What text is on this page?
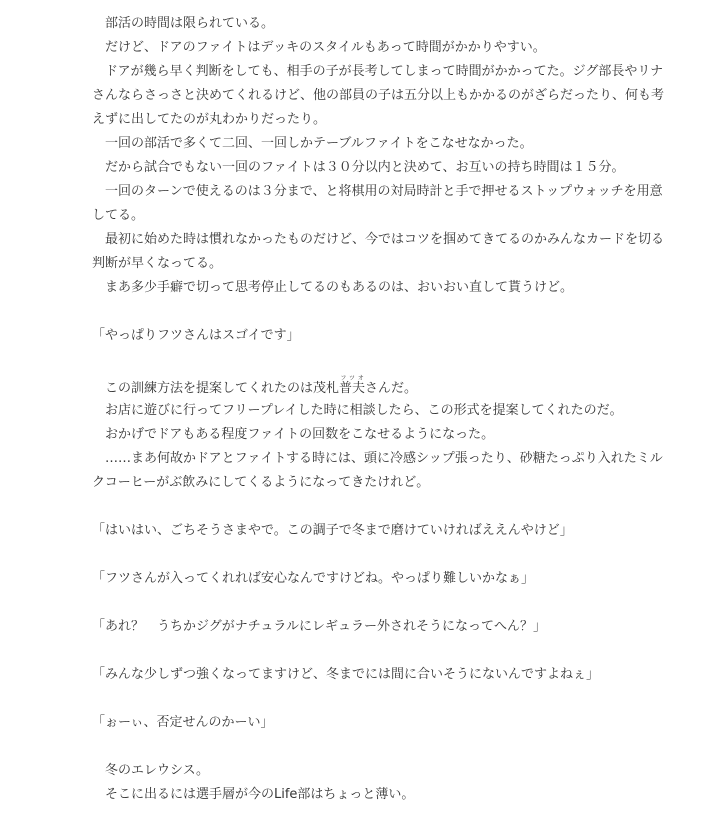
　部活の時間は限られている。
　だけど、ドアのファイトはデッキのスタイルもあって時間がかかりやすい。
　ドアが幾ら早く判断をしても、相手の子が長考してしまって時間がかかってた。ジグ部長やリナ
さんならさっさと決めてくれるけど、他の部員の子は五分以上もかかるのがざらだったり、何も考
えずに出してたのが丸わかりだったり。
　一回の部活で多くて二回、一回しかテーブルファイトをこなせなかった。
　だから試合でもない一回のファイトは３０分以内と決めて、お互いの持ち時間は１５分。
　一回のターンで使えるのは３分まで、と将棋用の対局時計と手で押せるストップウォッチを用意
してる。
　最初に始めた時は慣れなかったものだけど、今ではコツを掴めてきてるのかみんなカードを切る
判断が早くなってる。
　まあ多少手癖で切って思考停止してるのもあるのは、おいおい直して貰うけど。
「やっぱりフツさんはスゴイです」
　この訓練方法を提案してくれたのは茂札普夫フツオさんだ。
　お店に遊びに行ってフリープレイした時に相談したら、この形式を提案してくれたのだ。
　おかげでドアもある程度ファイトの回数をこなせるようになった。
　……まあ何故かドアとファイトする時には、頭に冷感シップ張ったり、砂糖たっぷり入れたミル
クコーヒーがぶ飲みにしてくるようになってきたけれど。
「はいはい、ごちそうさまやで。この調子で冬まで磨けていければええんやけど」
「フツさんが入ってくれれば安心なんですけどね。やっぱり難しいかなぁ」
「あれ？　うちかジグがナチュラルにレギュラー外されそうになってへん？」
「みんな少しずつ強くなってますけど、冬までには間に合いそうにないんですよねぇ」
「ぉーぃ、否定せんのかーい」
　冬のエレウシス。
　そこに出るには選手層が今のLife部はちょっと薄い。
